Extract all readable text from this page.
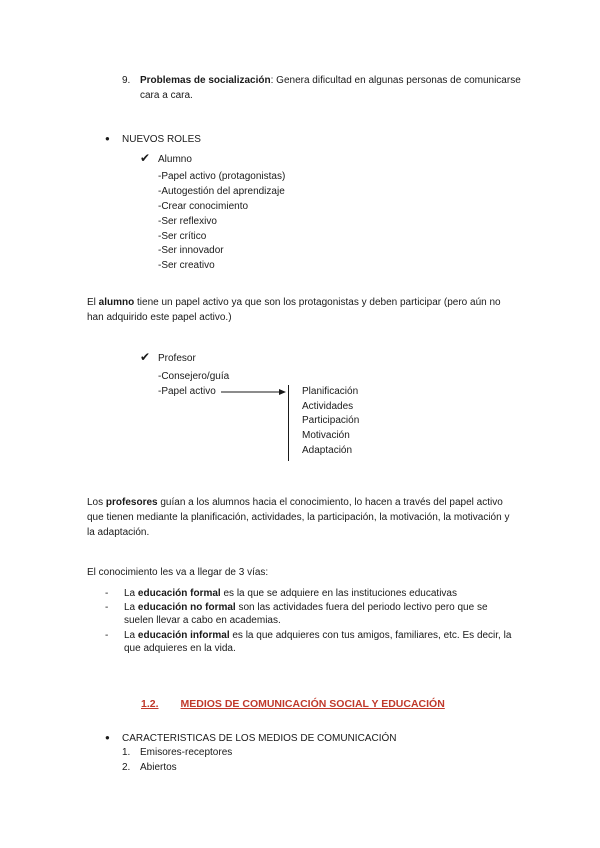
9. Problemas de socialización: Genera dificultad en algunas personas de comunicarse
cara a cara.
● NUEVOS ROLES
✔ Alumno
-Papel activo (protagonistas)
-Autogestión del aprendizaje
-Crear conocimiento
-Ser reflexivo
-Ser crítico
-Ser innovador
-Ser creativo
El alumno tiene un papel activo ya que son los protagonistas y deben participar (pero aún no han adquirido este papel activo.)
✔ Profesor
-Consejero/guía
-Papel activo	Planificación
Actividades
Participación
Motivación
Adaptación
Los profesores guían a los alumnos hacia el conocimiento, lo hacen a través del papel activo que tienen mediante la planificación, actividades, la participación, la motivación, la motivación y la adaptación.
El conocimiento les va a llegar de 3 vías:
- La educación formal es la que se adquiere en las instituciones educativas
- La educación no formal son las actividades fuera del periodo lectivo pero que se
suelen llevar a cabo en academias.
- La educación informal es la que adquieres con tus amigos, familiares, etc. Es decir, la
que adquieres en la vida.
1.2. MEDIOS DE COMUNICACIÓN SOCIAL Y EDUCACIÓN
● CARACTERISTICAS DE LOS MEDIOS DE COMUNICACIÓN
1. Emisores-receptores
2. Abiertos
